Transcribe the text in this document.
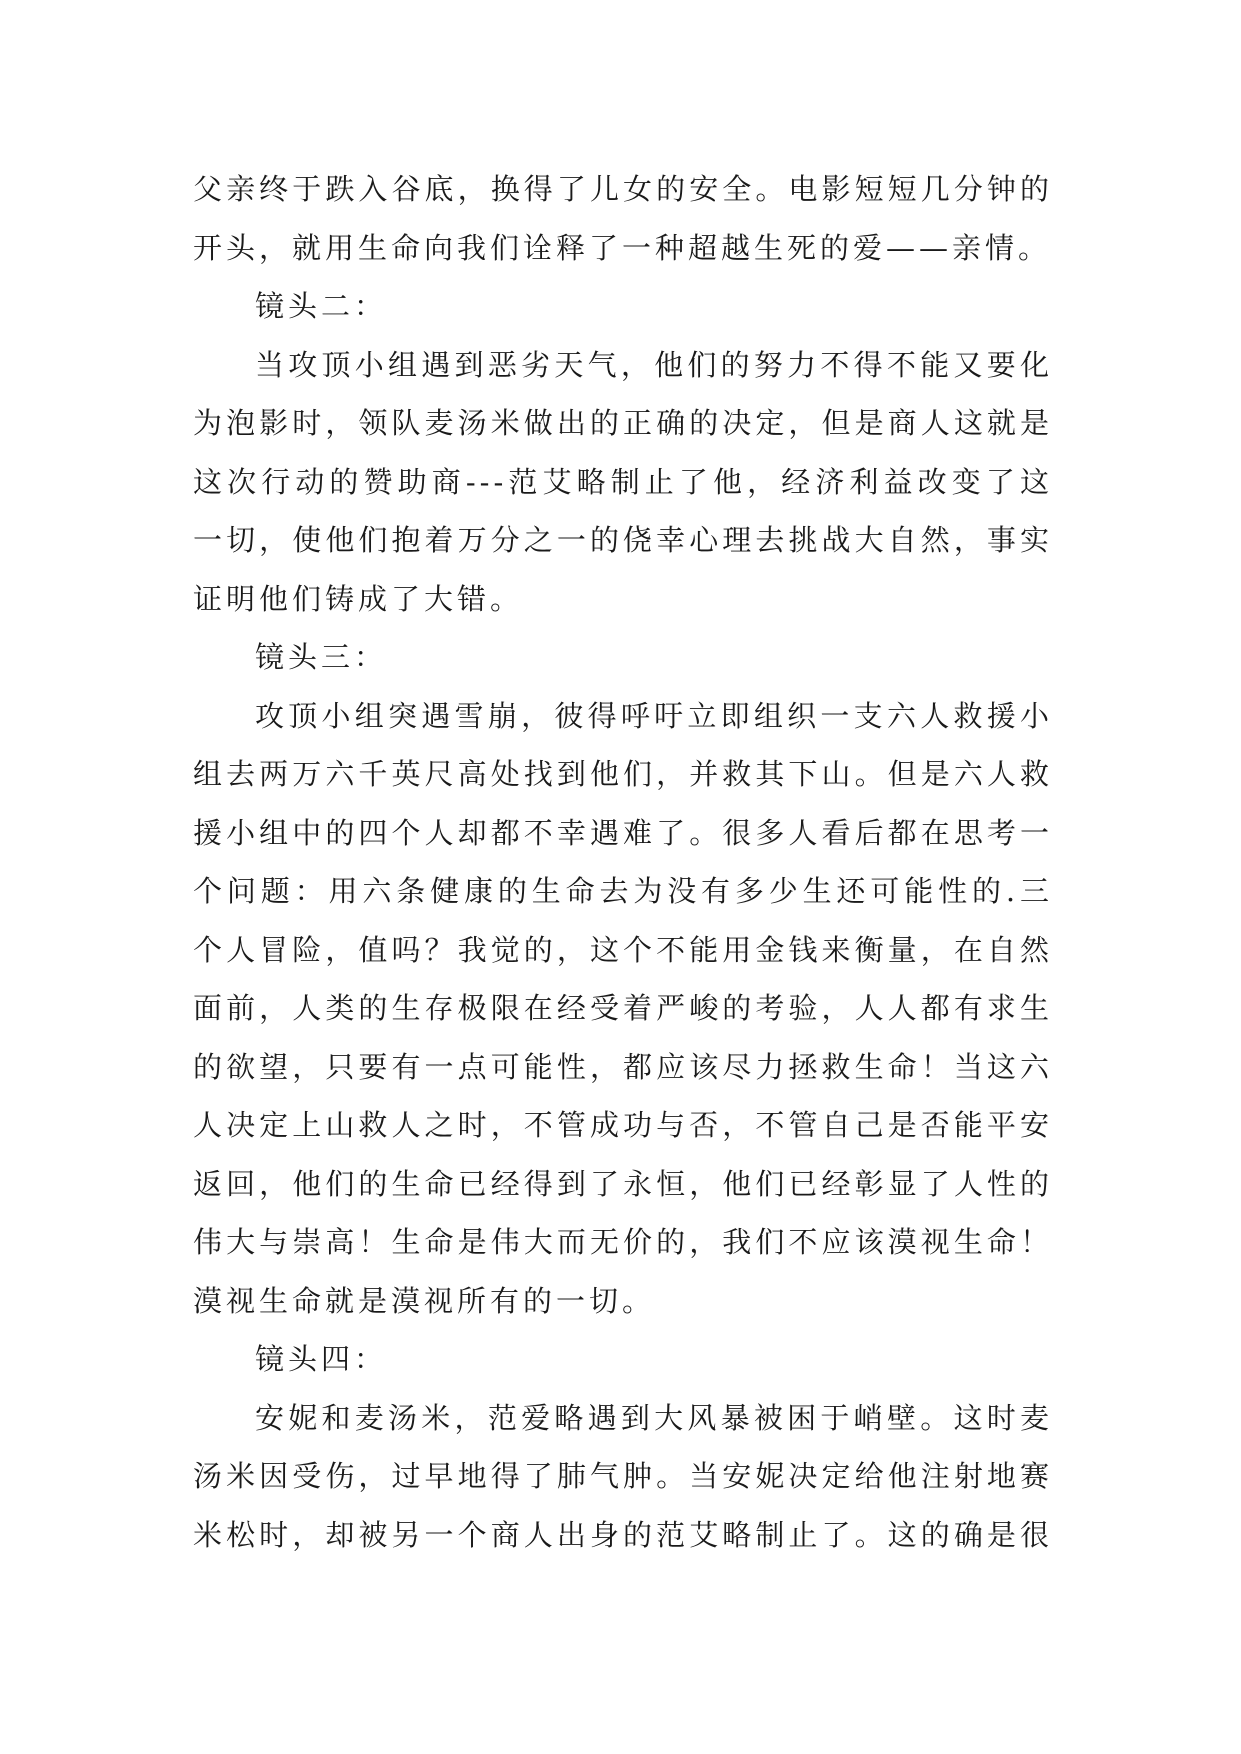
父亲终于跌入谷底，换得了儿女的安全。电影短短几分钟的
开头，就用生命向我们诠释了一种超越生死的爱——亲情。

镜头二：

当攻顶小组遇到恶劣天气，他们的努力不得不能又要化
为泡影时，领队麦汤米做出的正确的决定，但是商人这就是
这次行动的赞助商---范艾略制止了他，经济利益改变了这
一切，使他们抱着万分之一的侥幸心理去挑战大自然，事实
证明他们铸成了大错。

镜头三：

攻顶小组突遇雪崩，彼得呼吁立即组织一支六人救援小
组去两万六千英尺高处找到他们，并救其下山。但是六人救
援小组中的四个人却都不幸遇难了。很多人看后都在思考一
个问题：用六条健康的生命去为没有多少生还可能性的.三
个人冒险，值吗？我觉的，这个不能用金钱来衡量，在自然
面前，人类的生存极限在经受着严峻的考验，人人都有求生
的欲望，只要有一点可能性，都应该尽力拯救生命！当这六
人决定上山救人之时，不管成功与否，不管自己是否能平安
返回，他们的生命已经得到了永恒，他们已经彰显了人性的
伟大与崇高！生命是伟大而无价的，我们不应该漠视生命！
漠视生命就是漠视所有的一切。

镜头四：

安妮和麦汤米，范爱略遇到大风暴被困于峭壁。这时麦
汤米因受伤，过早地得了肺气肿。当安妮决定给他注射地赛
米松时，却被另一个商人出身的范艾略制止了。这的确是很
